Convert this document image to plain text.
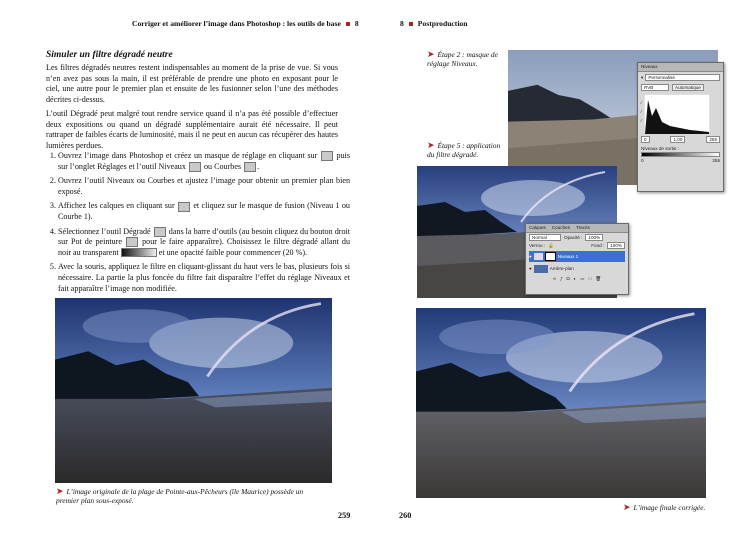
Corriger et améliorer l’image dans Photoshop : les outils de base 8
Simuler un filtre dégradé neutre

Les filtres dégradés neutres restent indispensables au moment de la prise de vue. Si vous n’en avez pas sous la main, il est préférable de prendre une photo en exposant pour le ciel, une autre pour le premier plan et ensuite de les fusionner selon l’une des méthodes décrites ci-dessus.

L’outil Dégradé peut malgré tout rendre service quand il n’a pas été possible d’effectuer deux expositions ou quand un dégradé supplémentaire aurait été nécessaire. Il peut rattraper de faibles écarts de luminosité, mais il ne peut en aucun cas récupérer des hautes lumières perdues.

1. Ouvrez l’image dans Photoshop et créez un masque de réglage en cliquant sur puis sur l’onglet Réglages et l’outil Niveaux ou Courbes .
2. Ouvrez l’outil Niveaux ou Courbes et ajustez l’image pour obtenir un premier plan bien exposé.
3. Affichez les calques en cliquant sur et cliquez sur le masque de fusion (Niveau 1 ou Courbe 1).
4. Sélectionnez l’outil Dégradé dans la barre d’outils (au besoin cliquez du bouton droit sur Pot de peinture pour le faire apparaître). Choisissez le filtre dégradé allant du noir au transparent	et une opacité faible pour commencer (20 %).
5. Avec la souris, appliquez le filtre en cliquant-glissant du haut vers le bas, plusieurs fois si nécessaire. La partie la plus foncée du filtre fait disparaître l’effet du réglage Niveaux et fait apparaître l’image non modifiée.
➤ L’image originale de la plage de Pointe-aux-Pêcheurs (île Maurice) possède un premier plan sous-exposé.
259
8 Postproduction
Niveaux
▾	Personnalisé
RVB	Automatique
⁄
⁄
⁄
0	1,00	255
Niveaux de sortie :
0	255
➤ Étape 2 : masque de réglage Niveaux.
➤ Étape 5 : application du filtre dégradé.
Calques Couches Tracés
Normal	Opacité :	100%
Verrou : 🔒	Fond :	100%
●	Niveaux 1
●	Arrière-plan
∞ ƒ ◘ ◐ ▭ □ 🗑
➤ L’image finale corrigée.
260
